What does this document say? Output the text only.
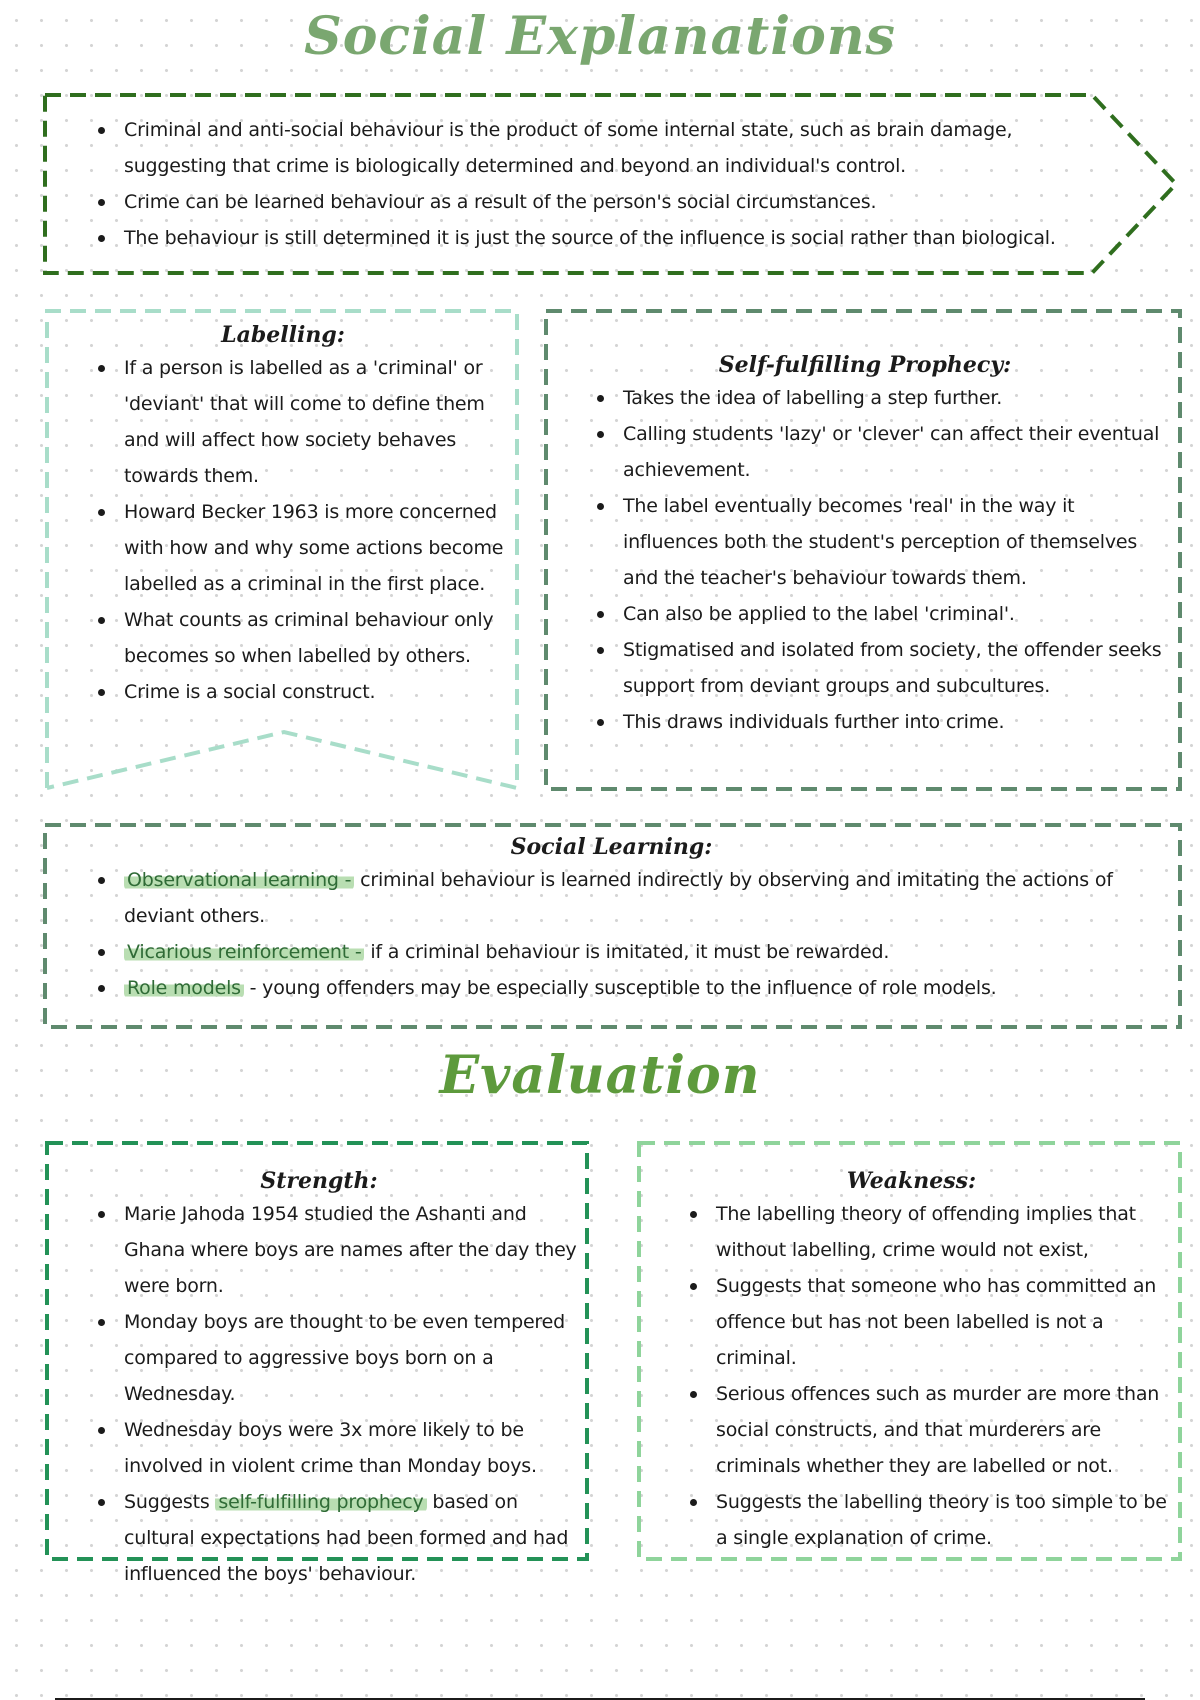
Social Explanations
Criminal and anti-social behaviour is the product of some internal state, such as brain damage, suggesting that crime is biologically determined and beyond an individual's control.
Crime can be learned behaviour as a result of the person's social circumstances.
The behaviour is still determined it is just the source of the influence is social rather than biological.
Labelling:
If a person is labelled as a 'criminal' or 'deviant' that will come to define them and will affect how society behaves towards them.
Howard Becker 1963 is more concerned with how and why some actions become labelled as a criminal in the first place.
What counts as criminal behaviour only becomes so when labelled by others.
Crime is a social construct.
Self-fulfilling Prophecy:
Takes the idea of labelling a step further.
Calling students 'lazy' or 'clever' can affect their eventual achievement.
The label eventually becomes 'real' in the way it influences both the student's perception of themselves and the teacher's behaviour towards them.
Can also be applied to the label 'criminal'.
Stigmatised and isolated from society, the offender seeks support from deviant groups and subcultures.
This draws individuals further into crime.
Social Learning:
Observational learning - criminal behaviour is learned indirectly by observing and imitating the actions of deviant others.
Vicarious reinforcement - if a criminal behaviour is imitated, it must be rewarded.
Role models - young offenders may be especially susceptible to the influence of role models.
Evaluation
Strength:
Marie Jahoda 1954 studied the Ashanti and Ghana where boys are names after the day they were born.
Monday boys are thought to be even tempered compared to aggressive boys born on a Wednesday.
Wednesday boys were 3x more likely to be involved in violent crime than Monday boys.
Suggests self-fulfilling prophecy based on cultural expectations had been formed and had influenced the boys' behaviour.
Weakness:
The labelling theory of offending implies that without labelling, crime would not exist,
Suggests that someone who has committed an offence but has not been labelled is not a criminal.
Serious offences such as murder are more than social constructs, and that murderers are criminals whether they are labelled or not.
Suggests the labelling theory is too simple to be a single explanation of crime.
